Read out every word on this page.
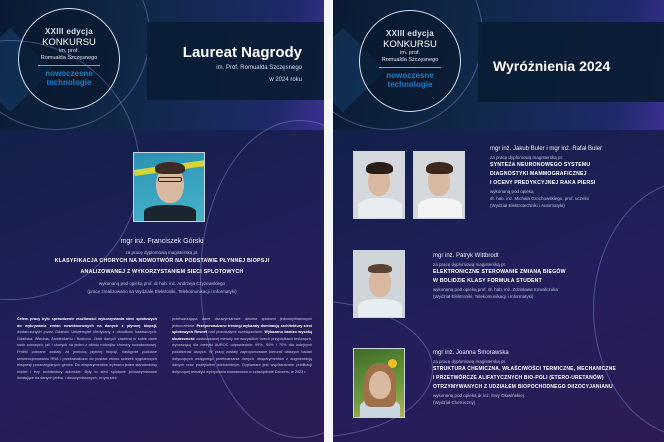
XXIII edycja
KONKURSU
im. prof.
Romualda Szczęsnego
nowoczesne
technologie
Laureat Nagrody
im. Prof. Romualda Szczęsnego
w 2024 roku
mgr inż. Franciszek Górski
za pracę dyplomową magisterską pt.
KLASYFIKACJA CHORYCH NA NOWOTWÓR NA PODSTAWIE PŁYNNEJ BIOPSJI
ANALIZOWANEJ Z WYKORZYSTANIEM SIECI SPLOTOWYCH
wykonaną pod opieką prof. dr hab. inż. Andrzeja Czyżewskiego
(pracę zrealizowano na Wydziale Elektroniki, Telekomunikacji i Informatyki)
Celem pracy było sprawdzenie możliwości wykorzystania sieci splotowych do wykrywania zmian nowotworowych na danych z płynnej biopsji, dostarczonych przez Gdański Uniwersytet Medyczny z ośrodków badawczych: Gdańska, Wiednia, Amsterdamu i Bostonu. Zbiór danych zawierał w sobie dane osób zdrowych, jak i chorych na jeden z ośmiu rodzajów choroby nowotworowej. Próbki pobrane zostały za pomocą płynnej biopsji, następnie poddane sekwencjonowaniu RNA i przekształcone do postaci zbioru ścieżek sygnałowych ekspresji poszczególnych genów. Do eksperymentów wybrano jeden standardowy model i trzy architektury autorskie. Były to sieci splotowe jednowymiarowe działające na danych jedno- i dwuwymiarowych, w tym sieć
przetwarzająca dane dwuwymiarowe dwoma splotami jednowymiarowymi jednocześnie. Przeprowadzone treningi wykazały dominację architektury sieci splotowych Resnet nad pozostałymi rozwiązaniami. Wykazano bardzo wysoką skuteczność zastosowanej metody we wszystkich trzech przypadkach testowych, wynoszącą dla metryki AUROC odpowiednio: 99%, 90% i 70% dla kolejnych podzbiorów danych. W pracy zostały zaproponowane kierunki dalszych badań dotyczących wstępnego przetwarzania danych, eksperymentów z augmentacją danych oraz podejściem wielokrotnym. Dyplomant jest współautorem publikacji dotyczącej tematyki wykrywania nowotworów w czasopiśmie Cancers, w 2023 r.
XXIII edycja
KONKURSU
im. prof.
Romualda Szczęsnego
nowoczesne
technologie
Wyróżnienia 2024
mgr inż. Jakub Buler i mgr inż. Rafał Buler
za pracę dyplomową magisterską pt.
SYNTEZA NEURONOWEGO SYSTEMU
DIAGNOSTYKI MAMMOGRAFICZNEJ
I OCENY PREDYKCYJNEJ RAKA PIERSI
wykonaną pod opieką
dr. hab. inż. Michała Grochowskiego, prof. uczelni
(Wydział Elektrotechniki i Automatyki)
mgr inż. Patryk Wittbrodt
za pracę dyplomową magisterską pt.
ELEKTRONICZNE STEROWANIE ZMIANĄ BIEGÓW
W BOLIDZIE KLASY FORMUŁA STUDENT
wykonaną pod opieką prof. dr. hab. inż. Zdzisława Kowalczuka
(Wydział Elektroniki, Telekomunikacji i Informatyki)
mgr inż. Joanna Smorawska
za pracę dyplomową magisterską pt.
STRUKTURA CHEMICZNA, WŁAŚCIWOŚCI TERMICZNE, MECHANICZNE
I PRZETWÓRCZE ALIFATYCZNYCH BIO-POLI (ETERO-URETANÓW)
OTRZYMYWANYCH Z UDZIAŁEM BIOPOCHODNEGO DIIZOCYJANIANU
wykonaną pod opieką dr inż. Ewy Głowińskiej
(Wydział Chemiczny)
